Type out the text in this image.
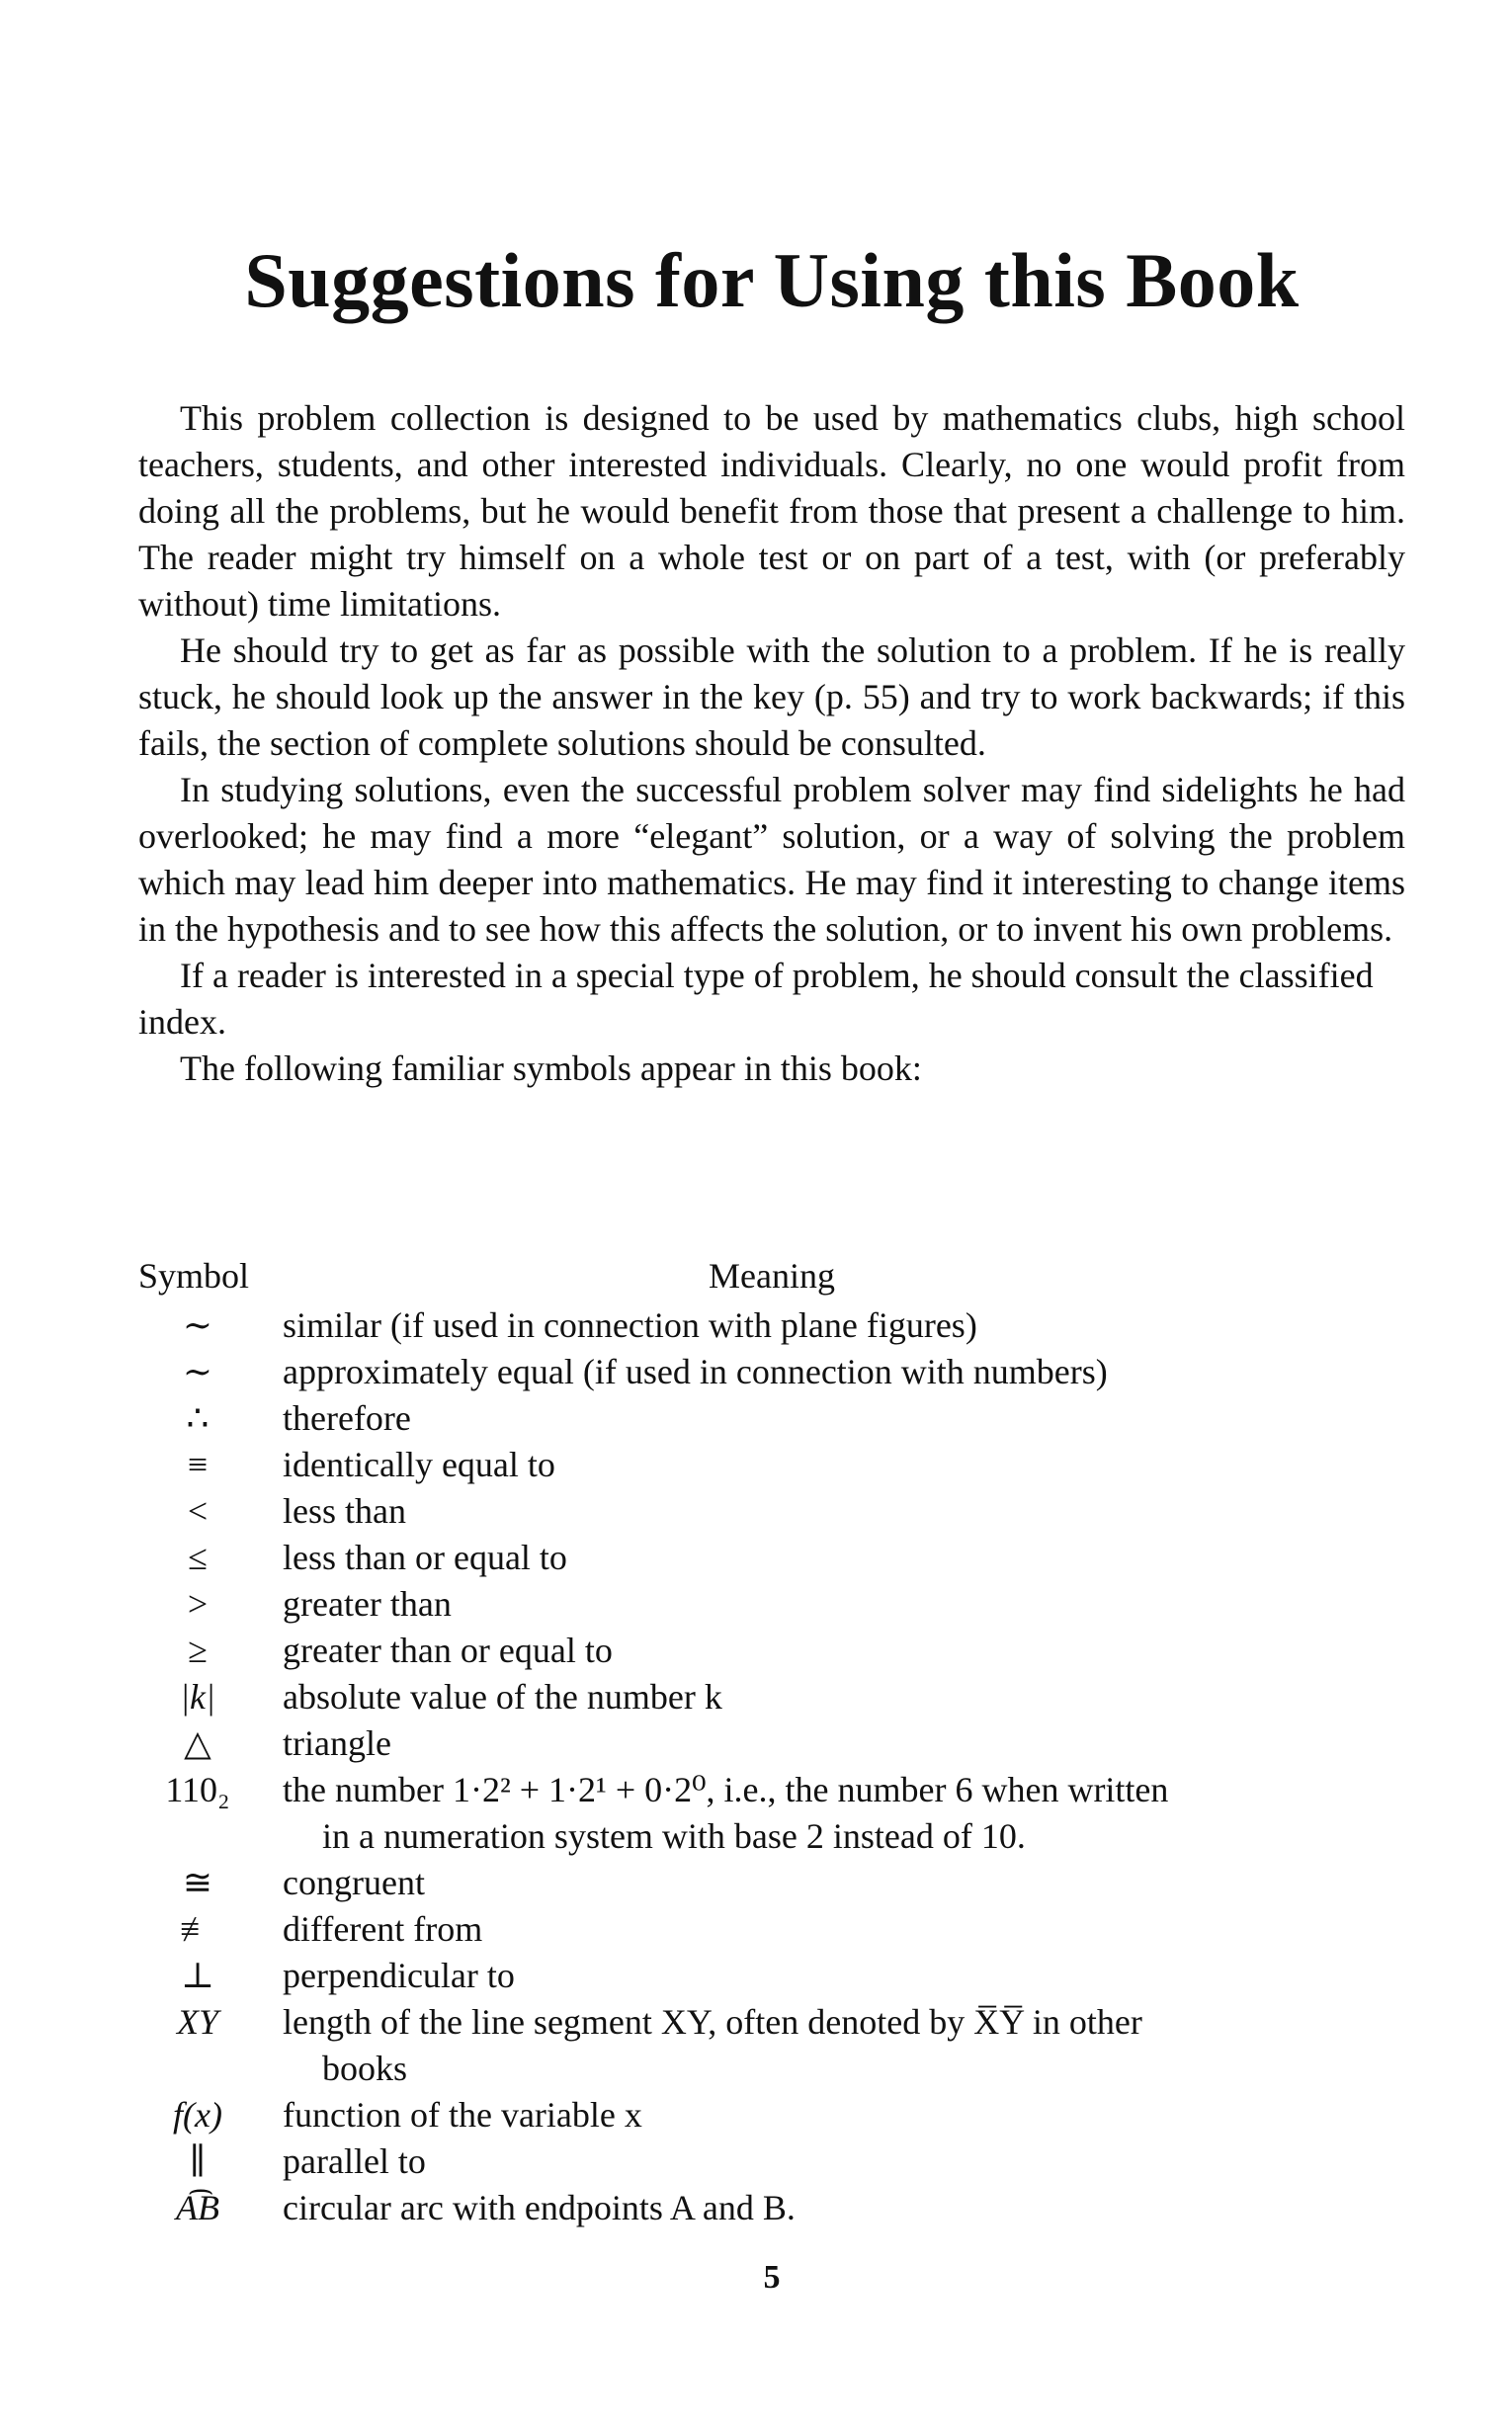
Suggestions for Using this Book

This problem collection is designed to be used by mathematics clubs, high school teachers, students, and other interested individuals. Clearly, no one would profit from doing all the problems, but he would benefit from those that present a challenge to him. The reader might try himself on a whole test or on part of a test, with (or preferably without) time limitations.

He should try to get as far as possible with the solution to a problem. If he is really stuck, he should look up the answer in the key (p. 55) and try to work backwards; if this fails, the section of complete solutions should be consulted.

In studying solutions, even the successful problem solver may find sidelights he had overlooked; he may find a more “elegant” solution, or a way of solving the problem which may lead him deeper into mathematics. He may find it interesting to change items in the hypothesis and to see how this affects the solution, or to invent his own problems.

If a reader is interested in a special type of problem, he should consult the classified index.

The following familiar symbols appear in this book:

Symbol	Meaning
∼	similar (if used in connection with plane figures)
∼	approximately equal (if used in connection with numbers)
∴	therefore
≡	identically equal to
<	less than
≤	less than or equal to
>	greater than
≥	greater than or equal to
|k|	absolute value of the number k
△	triangle
110₂	the number 1·2² + 1·2¹ + 0·2⁰, i.e., the number 6 when written
in a numeration system with base 2 instead of 10.
≅	congruent
≢	different from
⊥	perpendicular to
XY	length of the line segment XY, often denoted by X̅Y̅ in other
books
f(x)	function of the variable x
∥	parallel to
A͡B	circular arc with endpoints A and B.
5
